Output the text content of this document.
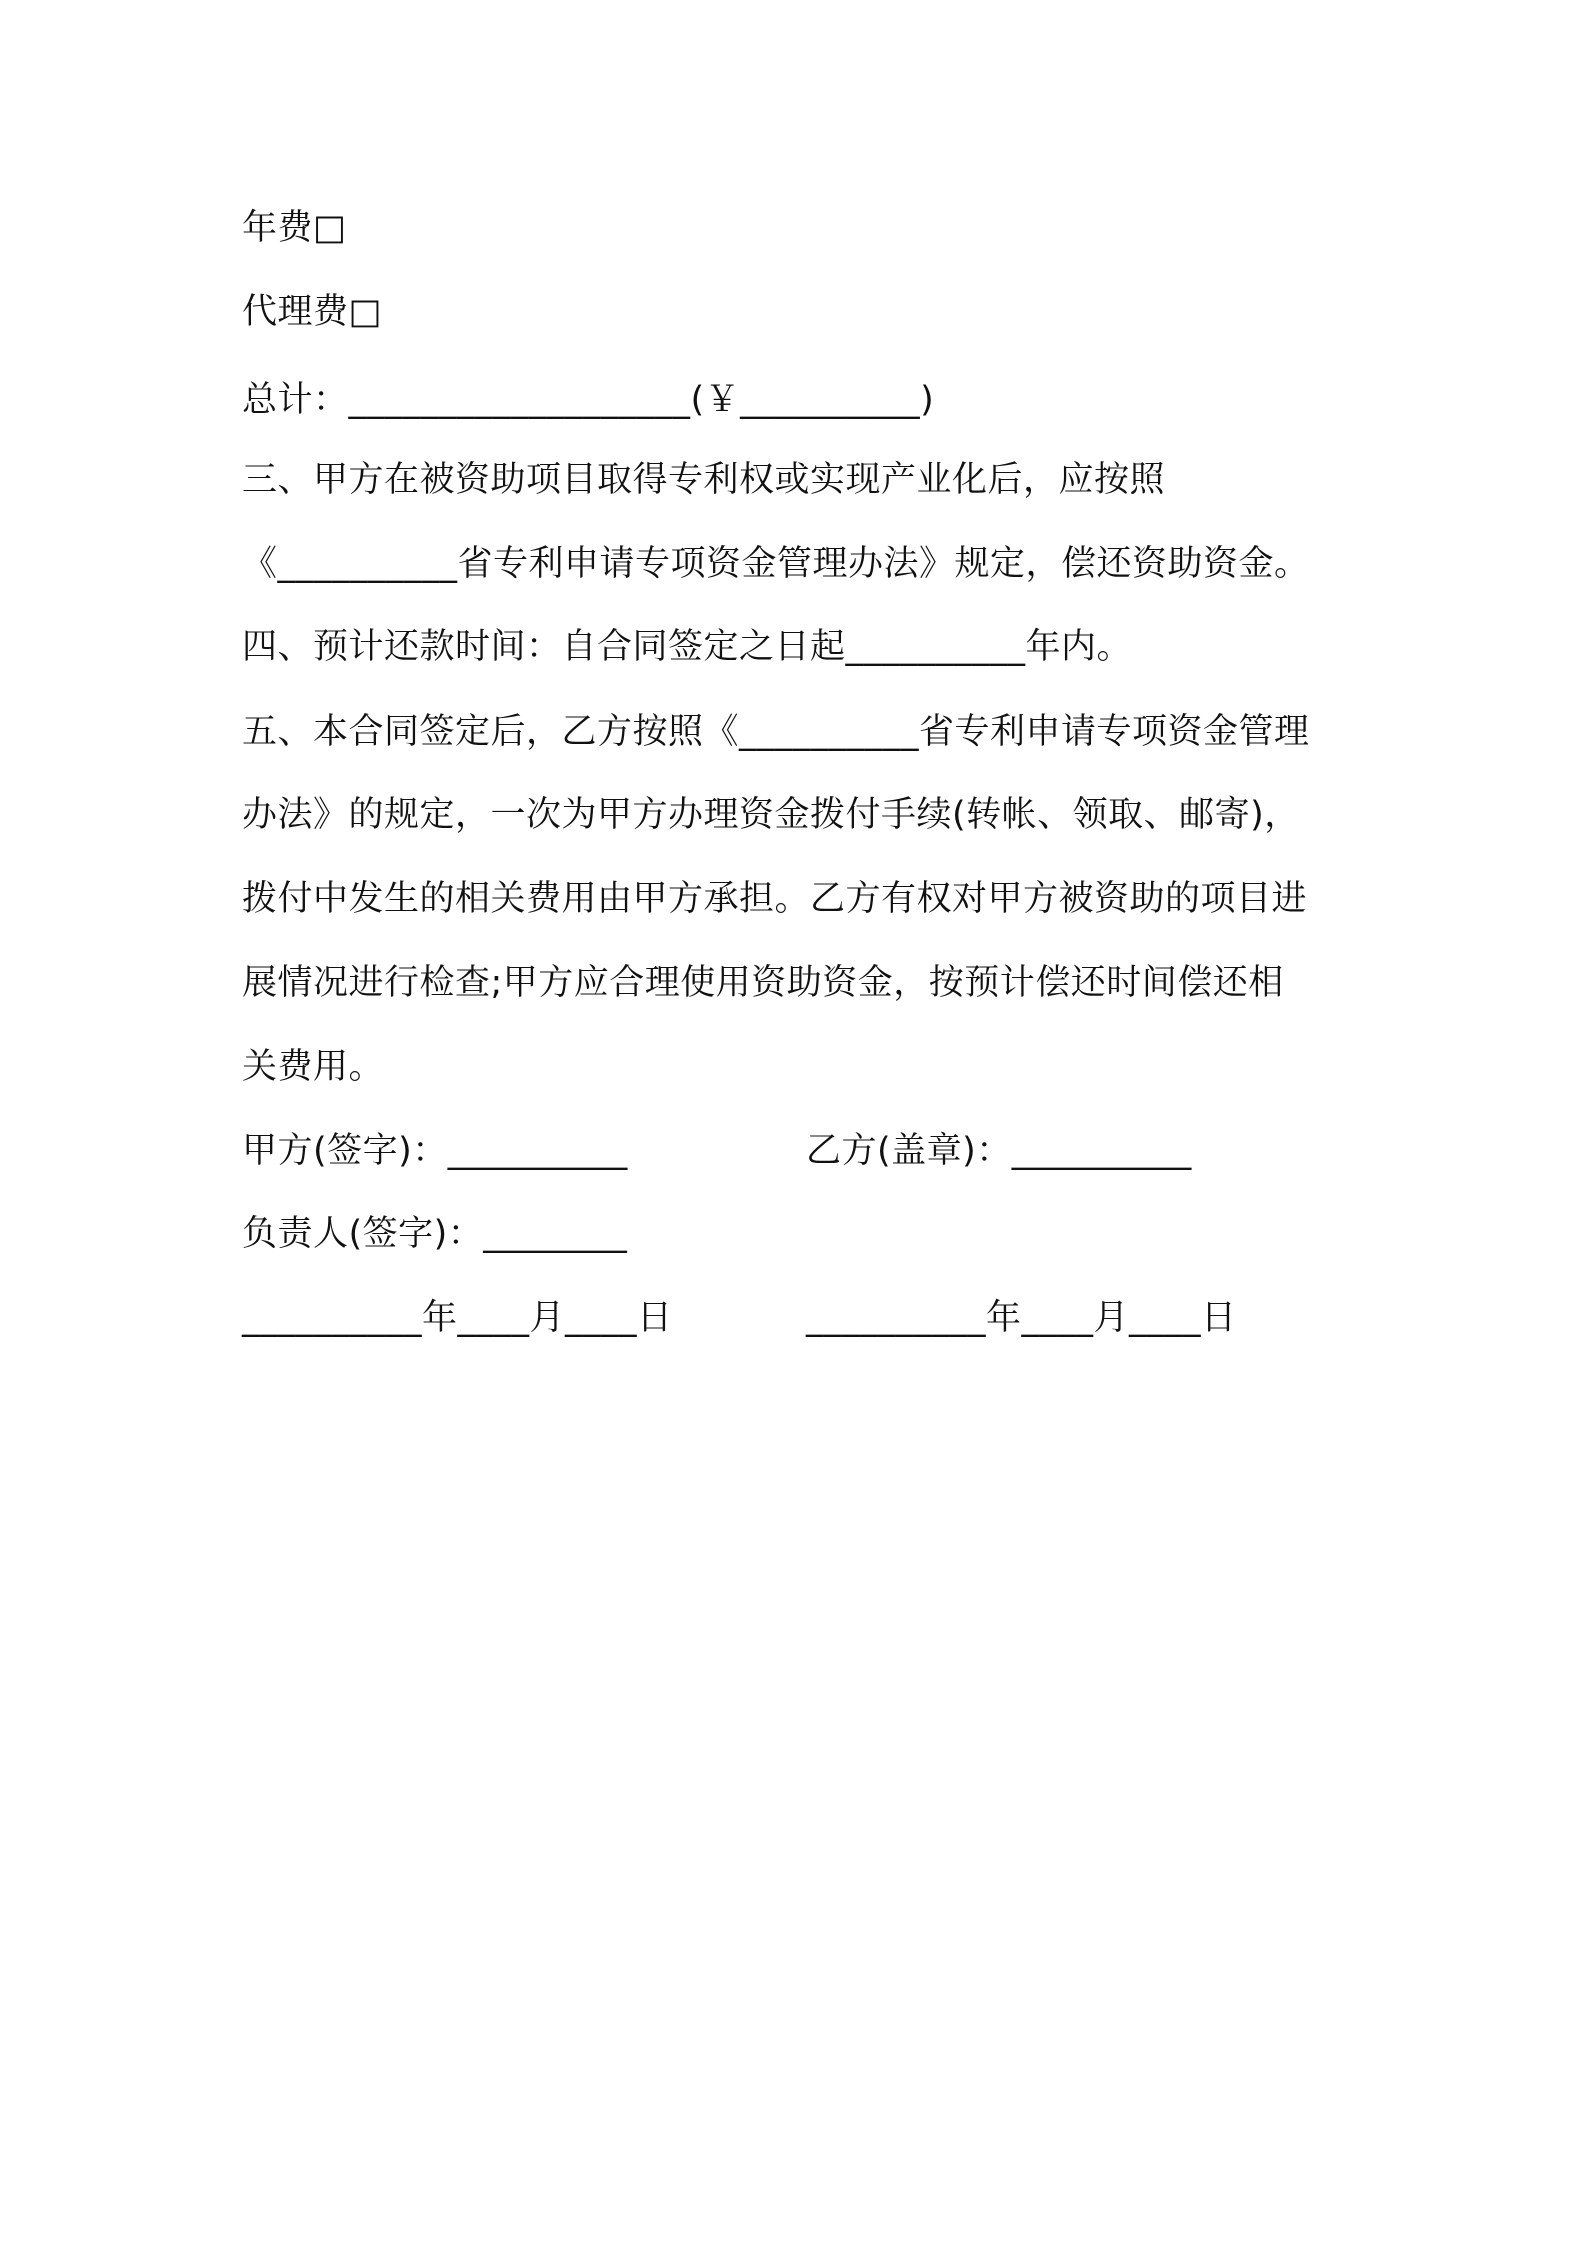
年费□
代理费□
总计：___________________(￥__________)
三、甲方在被资助项目取得专利权或实现产业化后，应按照
《__________省专利申请专项资金管理办法》规定，偿还资助资金。
四、预计还款时间：自合同签定之日起__________年内。
五、本合同签定后，乙方按照《__________省专利申请专项资金管理
办法》的规定，一次为甲方办理资金拨付手续(转帐、领取、邮寄)，
拨付中发生的相关费用由甲方承担。乙方有权对甲方被资助的项目进
展情况进行检查;甲方应合理使用资助资金，按预计偿还时间偿还相
关费用。
甲方(签字)：__________	乙方(盖章)：__________
负责人(签字)：________
__________年____月____日	__________年____月____日
